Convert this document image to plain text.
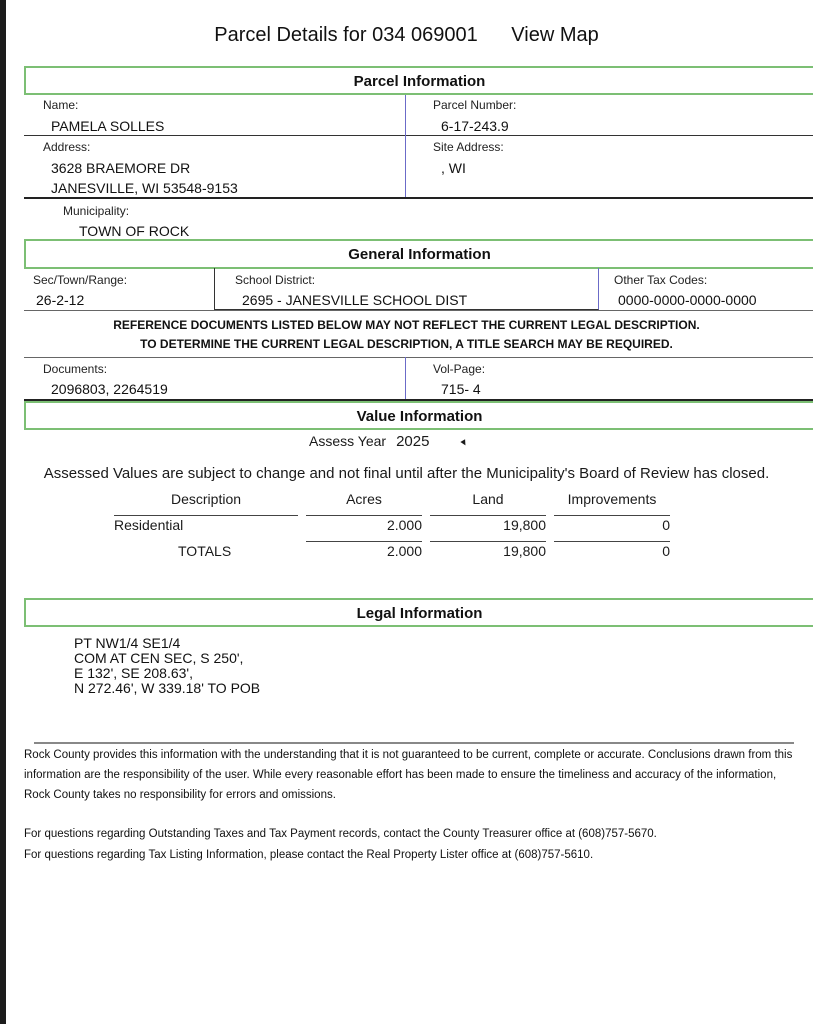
Parcel Details for 034 069001 View Map
Parcel Information
Name:
PAMELA SOLLES
Parcel Number:
6-17-243.9
Address:
3628 BRAEMORE DR
JANESVILLE, WI 53548-9153
Site Address:
, WI
Municipality:
TOWN OF ROCK
General Information
Sec/Town/Range:
26-2-12
School District:
2695 - JANESVILLE SCHOOL DIST
Other Tax Codes:
0000-0000-0000-0000
REFERENCE DOCUMENTS LISTED BELOW MAY NOT REFLECT THE CURRENT LEGAL DESCRIPTION.
TO DETERMINE THE CURRENT LEGAL DESCRIPTION, A TITLE SEARCH MAY BE REQUIRED.
Documents:
2096803, 2264519
Vol-Page:
715- 4
Value Information
Assess Year 2025	▾
Assessed Values are subject to change and not final until after the Municipality's Board of Review has closed.
Description	Acres	Land	Improvements
Residential	2.000	19,800	0
TOTALS	2.000	19,800	0
Legal Information
PT NW1/4 SE1/4
COM AT CEN SEC, S 250',
E 132', SE 208.63',
N 272.46', W 339.18' TO POB
Rock County provides this information with the understanding that it is not guaranteed to be current, complete or accurate. Conclusions drawn from this information are the responsibility of the user. While every reasonable effort has been made to ensure the timeliness and accuracy of the information, Rock County takes no responsibility for errors and omissions.
For questions regarding Outstanding Taxes and Tax Payment records, contact the County Treasurer office at (608)757-5670.
For questions regarding Tax Listing Information, please contact the Real Property Lister office at (608)757-5610.
